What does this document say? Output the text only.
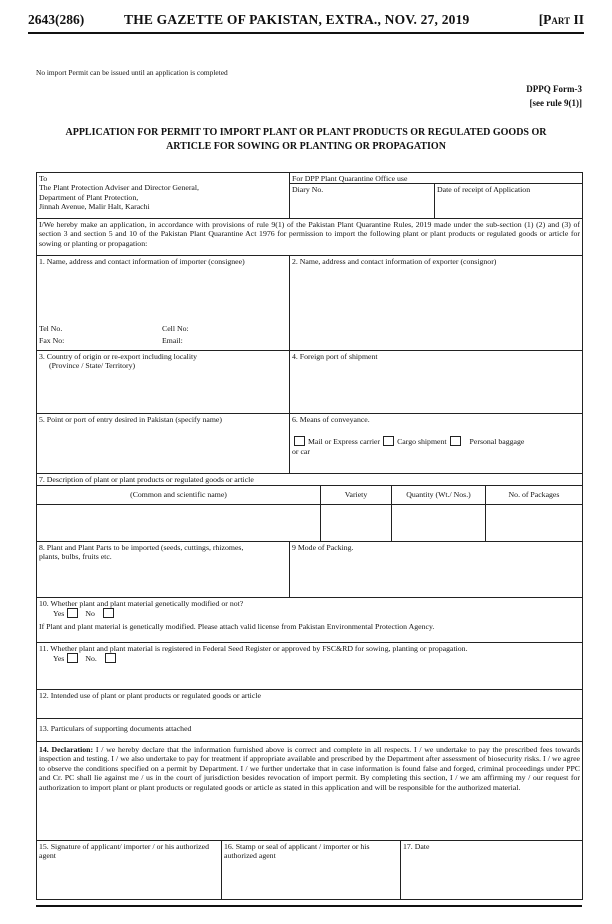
2643(286)	THE GAZETTE OF PAKISTAN, EXTRA., NOV. 27, 2019	[Part II
No import Permit can be issued until an application is completed
DPPQ Form-3
[see rule 9(1)]
APPLICATION FOR PERMIT TO IMPORT PLANT OR PLANT PRODUCTS OR REGULATED GOODS OR
ARTICLE FOR SOWING OR PLANTING OR PROPAGATION
To
The Plant Protection Adviser and Director General,
Department of Plant Protection,
Jinnah Avenue, Malir Halt, Karachi
For DPP Plant Quarantine Office use
Diary No.	Date of receipt of Application
I/We hereby make an application, in accordance with provisions of rule 9(1) of the Pakistan Plant Quarantine Rules, 2019 made under the sub-section (1) (2) and (3) of section 3 and section 5 and 10 of the Pakistan Plant Quarantine Act 1976 for permission to import the following plant or plant products or regulated goods or article for sowing or planting or propagation:
1. Name, address and contact information of importer (consignee)
Tel No.	Cell No:
Fax No:	Email:
2. Name, address and contact information of exporter (consignor)
3. Country of origin or re-export including locality
(Province / State/ Territory)
4. Foreign port of shipment
5. Point or port of entry desired in Pakistan (specify name)	6. Means of conveyance.
Mail or Express carrier Cargo shipment	Personal baggage
or car
7. Description of plant or plant products or regulated goods or article
(Common and scientific name)	Variety	Quantity (Wt./ Nos.)	No. of Packages
8. Plant and Plant Parts to be imported (seeds, cuttings, rhizomes, plants, bulbs, fruits etc.
9 Mode of Packing.
10. Whether plant and plant material genetically modified or not?
Yes	No
If Plant and plant material is genetically modified. Please attach valid license from Pakistan Environmental Protection Agency.
11. Whether plant and plant material is registered in Federal Seed Register or approved by FSC&RD for sowing, planting or propagation.
Yes	No.
12. Intended use of plant or plant products or regulated goods or article
13. Particulars of supporting documents attached
14. Declaration: I / we hereby declare that the information furnished above is correct and complete in all respects. I / we undertake to pay the prescribed fees towards inspection and testing. I / we also undertake to pay for treatment if appropriate available and prescribed by the Department after assessment of biosecurity risks. I / we agree to observe the conditions specified on a permit by Department. I / we further undertake that in case information is found false and forged, criminal proceedings under PPC and Cr. PC shall lie against me / us in the court of jurisdiction besides revocation of import permit. By completing this section, I / we am affirming my / our request for authorization to import plant or plant products or regulated goods or article as stated in this application and will be responsible for the authorized material.
15. Signature of applicant/ importer / or his authorized agent
16. Stamp or seal of applicant / importer or his authorized agent
17. Date
